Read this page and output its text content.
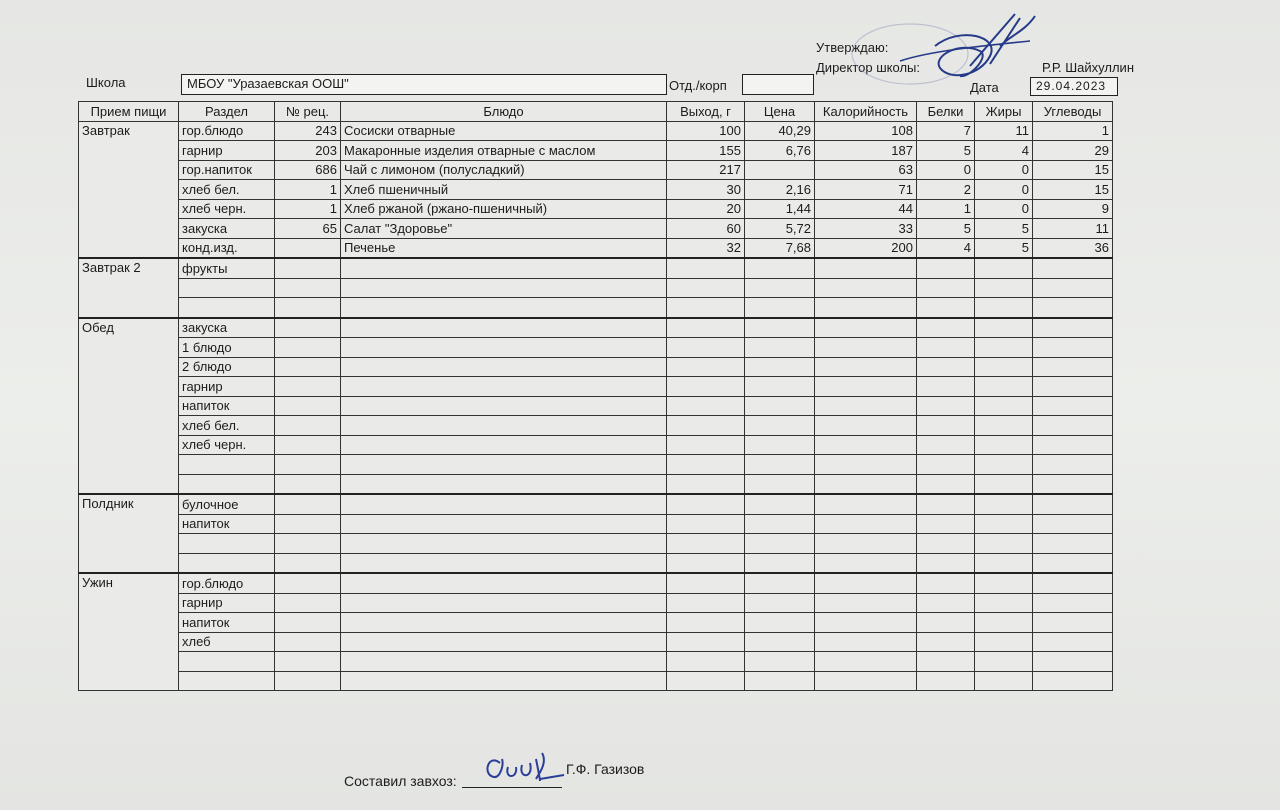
Утверждаю:
Директор школы:	Р.Р. Шайхуллин
Дата	29.04.2023
Школа	МБОУ "Уразаевская ООШ"	Отд./корп
Прием пищи	Раздел	№ рец.	Блюдо	Выход, г	Цена	Калорийность	Белки	Жиры	Углеводы
Завтрак	гор.блюдо	243	Сосиски отварные	100	40,29	108	7	11	1
	гарнир	203	Макаронные изделия отварные с маслом	155	6,76	187	5	4	29
	гор.напиток	686	Чай с лимоном (полусладкий)	217		63	0	0	15
	хлеб бел.	1	Хлеб пшеничный	30	2,16	71	2	0	15
	хлеб черн.	1	Хлеб ржаной (ржано-пшеничный)	20	1,44	44	1	0	9
	закуска	65	Салат "Здоровье"	60	5,72	33	5	5	11
	конд.изд.		Печенье	32	7,68	200	4	5	36
Завтрак 2	фрукты								

Обед	закуска								
	1 блюдо								
	2 блюдо								
	гарнир								
	напиток								
	хлеб бел.								
	хлеб черн.								

Полдник	булочное								
	напиток								

Ужин	гор.блюдо								
	гарнир								
	напиток								
	хлеб								

Составил завхоз:
Г.Ф. Газизов
